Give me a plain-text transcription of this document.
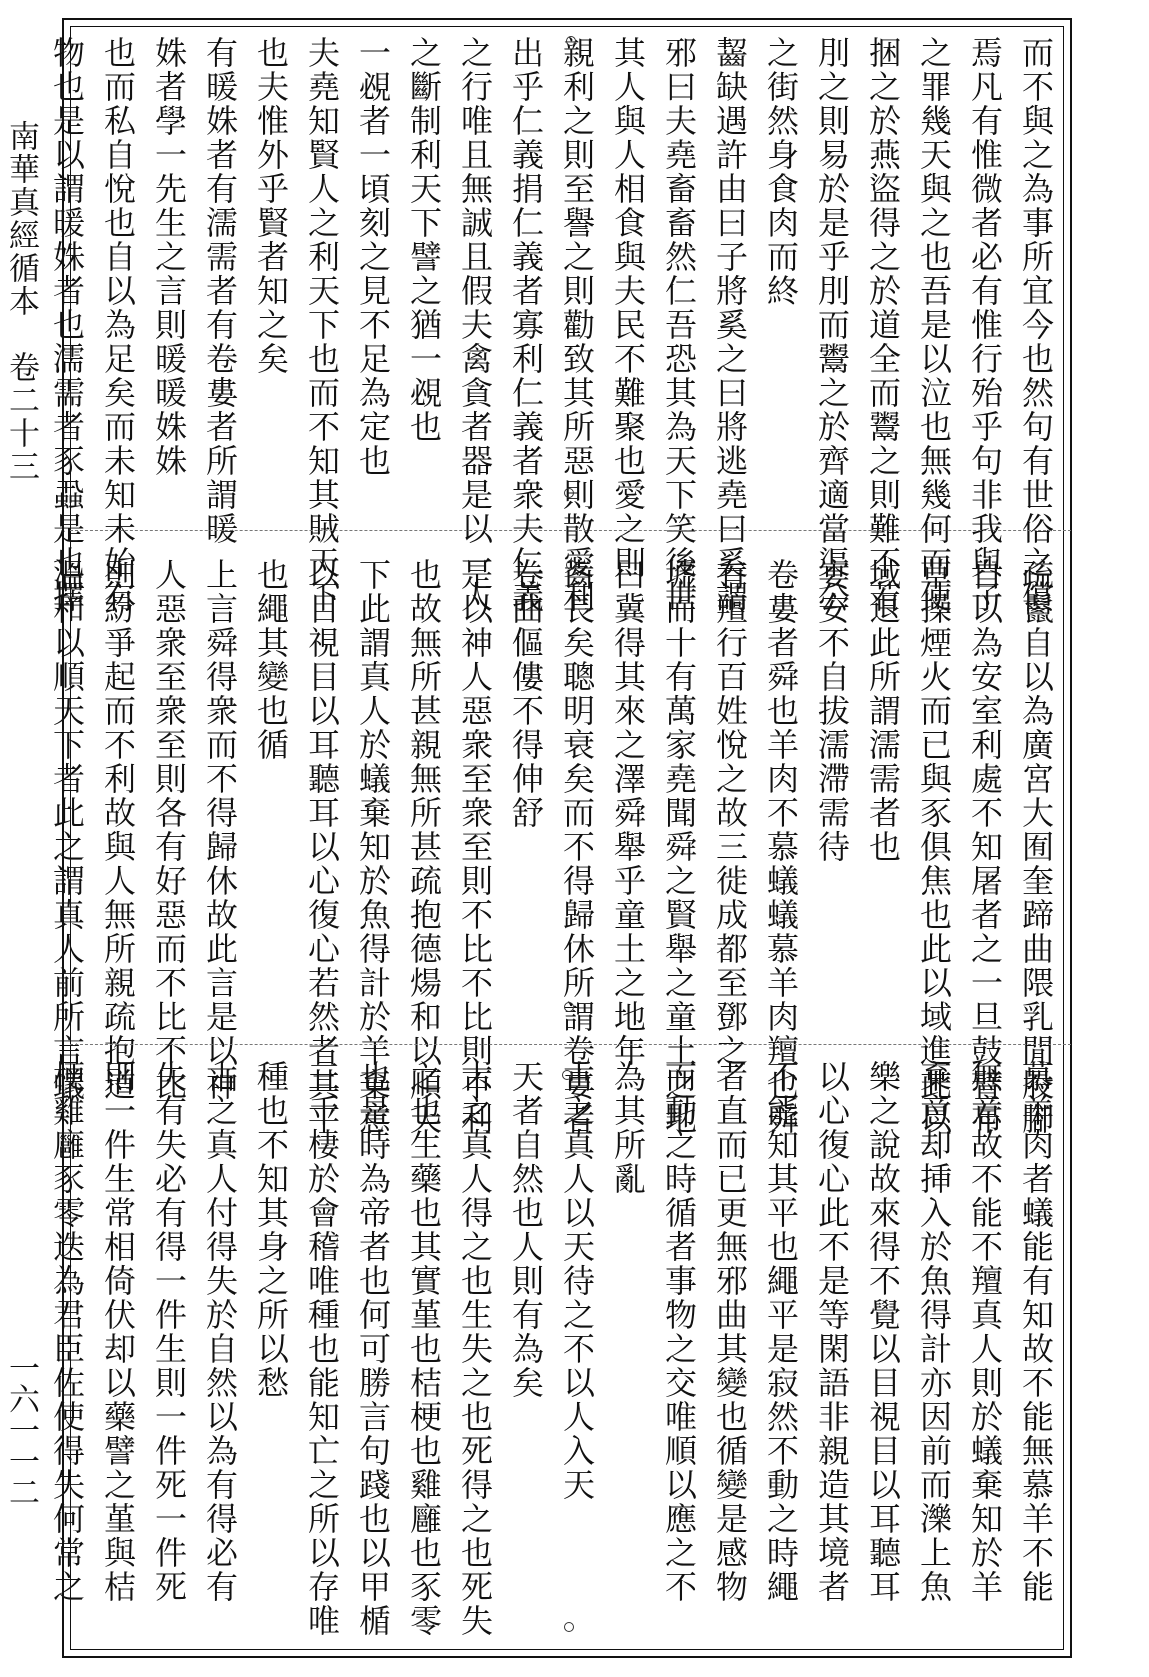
南華真經循本　卷二十三
一六一一二

而不與之為事所宜今也然句有世俗之償

焉凡有惟微者必有惟行殆乎句非我與子

之罪幾天與之也吾是以泣也無幾何而使

捆之於燕盜得之於道全而鬻之則難不若

刖之則易於是乎刖而鬻之於齊適當渠公

之街然身食肉而終

齧缺遇許由曰子將奚之曰將逃堯曰奚謂

邪曰夫堯畜畜然仁吾恐其為天下笑後世

其人與人相食與夫民不難聚也愛之則

親利之則至譽之則勸致其所惡則散愛利

出乎仁義捐仁義者寡利仁義者衆夫仁義

之行唯且無誠且假夫禽貪者器是以一人

之斷制利天下譬之猶一覕也

一覕者一頃刻之見不足為定也

夫堯知賢人之利天下也而不知其賊天下

也夫惟外乎賢者知之矣

有暖姝者有濡需者有卷婁者所謂暖

姝者學一先生之言則暖暖姝姝

也而私自悅也自以為足矣而未知未始有

物也是以謂暖姝者也濡需者豕蝨是也擇

疏鬣自以為廣宮大囿奎蹄曲隈乳閒股腳

自以為安室利處不知屠者之一旦鼓臂布

草操煙火而已與豕俱焦也此以域進此以

域退此所謂濡需者也

宴安不自拔濡滯需待

卷婁者舜也羊肉不慕蟻蟻慕羊肉羶也舜

有羶行百姓悅之故三徙成都至鄧之

墟而十有萬家堯聞舜之賢舉之童土之地

曰冀得其來之澤舜舉乎童土之地年

齒長矣聰明衰矣而不得歸休所謂卷婁者

卷曲傴僂不得伸舒

是以神人惡衆至衆至則不比不比則不利

也故無所甚親無所甚疏抱德煬和以順天

下此謂真人於蟻棄知於魚得計於羊棄意

以目視目以耳聽耳以心復心若然者其平

也繩其變也循

上言舜得衆而不得歸休故此言是以神

人惡衆至衆至則各有好惡而不比不比

則紛爭起而不利故與人無所親疏抱道

溫和以順天下者此之謂真人前所言蟻

慕羊肉者蟻能有知故不能無慕羊不能

無意故不能不羶真人則於蟻棄知於羊

棄意却挿入於魚得計亦因前而濼上魚

樂之說故來得不覺以目視目以耳聽耳

以心復心此不是等閑語非親造其境者

不能知其平也繩平是寂然不動之時繩

者直而已更無邪曲其變也循變是感物

而動之時循者事物之交唯順以應之不

為其所亂

古之真人以天待之不以人入天

天者自然也人則有為矣

古之真人得之也生失之也死得之也死失

之也生藥也其實堇也桔梗也雞廱也豕零

也是時為帝者也何可勝言句踐也以甲楯

三千棲於會稽唯種也能知亡之所以存唯

種也不知其身之所以愁

古之真人付得失於自然以為有得必有

失有失必有得一件生則一件死一件死

則一件生常相倚伏却以藥譬之堇與桔

梗雞廱豕零迭為君臣佐使得失何常之
